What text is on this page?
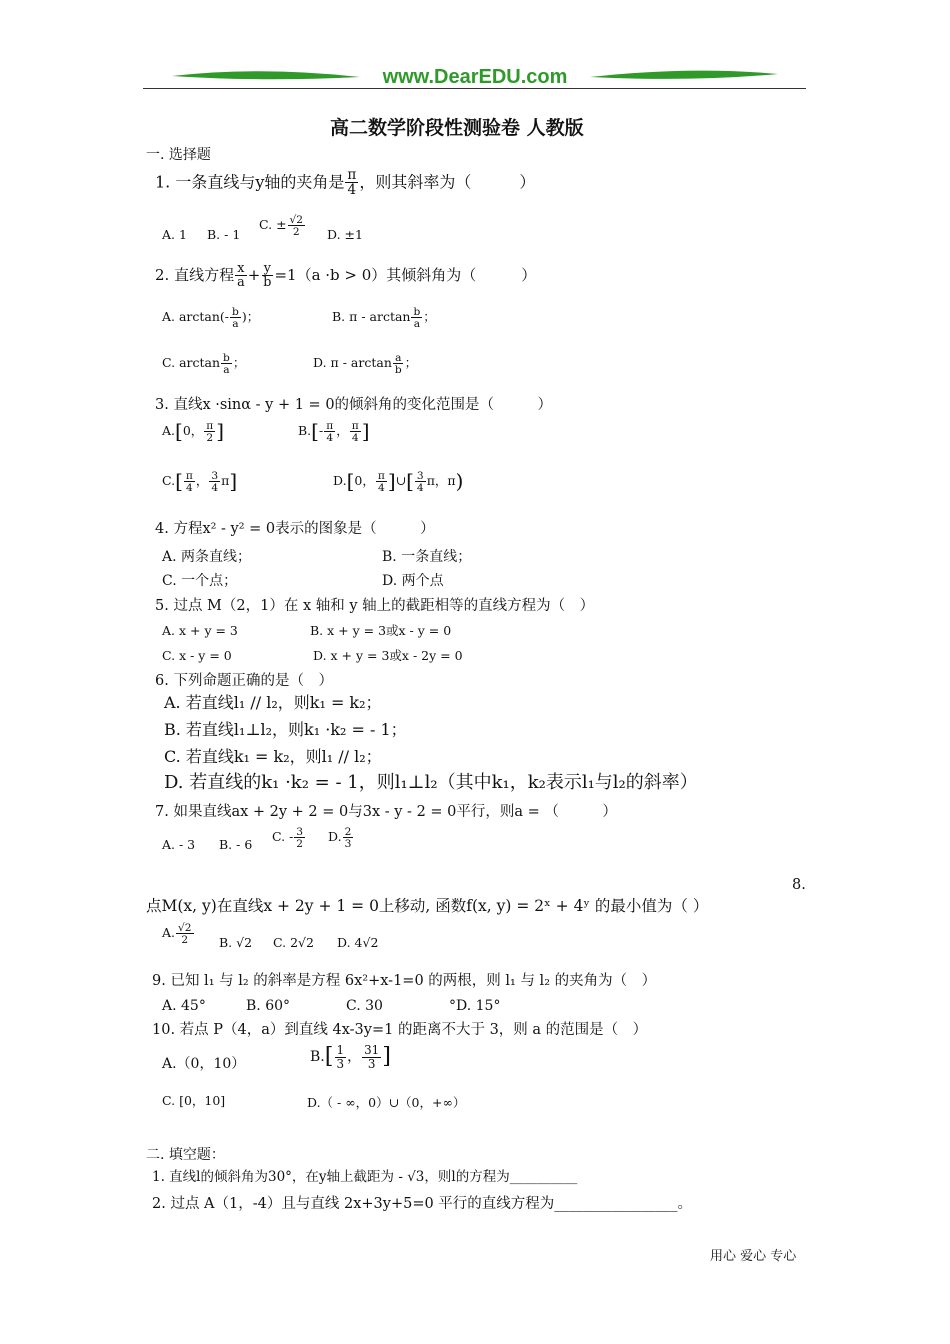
www.DearEDU.com
高二数学阶段性测验卷 人教版
一. 选择题
1. 一条直线与y轴的夹角是 $\frac{\pi}{4}$ ，则其斜率为（　　　）
A. 1 B. - 1
C. ± $\frac{√2}{2} D$. ±1
2. 直线方程 $\frac{x}{a} + \frac{y}{b} =1(a \cdot b > 0)$其倾斜角为（　　　）
A. $\arctan(- \frac{b}{a}$ )；	B. π - $\arctan \frac{b}{a}$ ；
C. $\arctan \frac{b}{a}$ ；	D. π - $\arctan \frac{a}{b}$ ；
3. 直线x ·sinα - y + 1 = 0的倾斜角的变化范围是（　　　）
A.[0， $\frac{\pi}{2}$ ]	$B.[- \frac{\pi}{4}$ ， $\frac{\pi}{4}$ ]
$C.[ \frac{\pi}{4}$ ， $\frac{3}{4} \pi$]	D.[0， $\frac{\pi}{4}$ ]∪[ $\frac{3}{4}$ π，π)
4. 方程x² - y² = 0表示的图象是（　　　）
A. 两条直线；	B. 一条直线；
C. 一个点；	D. 两个点
5. 过点 M（2，1）在 x 轴和 y 轴上的截距相等的直线方程为（　）
A. x + y = 3	B. x + y = 3或x - y = 0
C. x - y = 0	D. x + y = 3或x - 2y = 0
6. 下列命题正确的是（　）
A. 若直线l₁ // l₂，则k₁ = k₂；
B. 若直线l₁⊥l₂，则k₁ ·k₂ = - 1；
C. 若直线k₁ = k₂，则l₁ // l₂；
D. 若直线的k₁ ·k₂ = - 1，则l₁⊥l₂（其中k₁，k₂表示l₁与l₂的斜率）
7. 如果直线ax + 2y + 2 = 0与3x - y - 2 = 0平行，则a = （　　　）
A. - 3 B. - 6
C. - $\frac{3}{2} D$. $\frac{2}{3}$
8.
点M(x, y)在直线x + 2y + 1 = 0上移动, 函数f(x, y) = 2ˣ + 4ʸ 的最小值为（ ）
A. $\frac{√2}{2} B$. √2 C. 2√2 D. 4√2
9. 已知 l₁ 与 l₂ 的斜率是方程 6x²+x-1=0 的两根，则 l₁ 与 l₂ 的夹角为（　）
A. 45°	B. 60°	C. 30	°D. 15°
10. 若点 P（4，a）到直线 4x-3y=1 的距离不大于 3，则 a 的范围是（　）
A.（0，10）	$B.[ \frac{1}{3}$ ， $\frac{31}{3}$ ]
C. [0，10]	D.（ - ∞，0）∪（0，+∞）
二. 填空题：
1. 直线l的倾斜角为30°，在y轴上截距为 - √3，则l的方程为__________
2. 过点 A（1，-4）且与直线 2x+3y+5=0 平行的直线方程为_________________。
用心 爱心 专心
